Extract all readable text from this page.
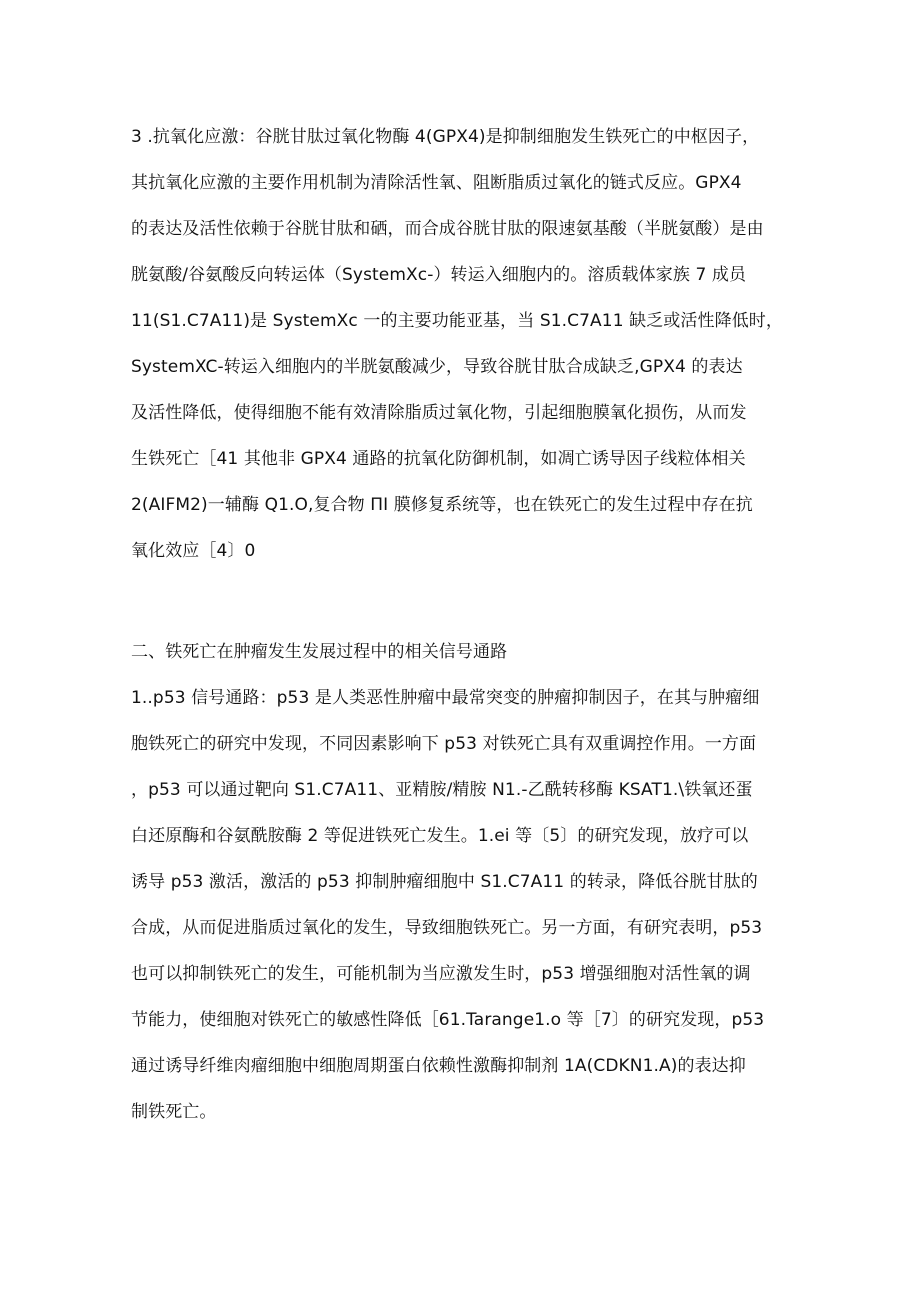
3 .抗氧化应激：谷胱甘肽过氧化物酶 4(GPX4)是抑制细胞发生铁死亡的中枢因子，
其抗氧化应激的主要作用机制为清除活性氧、阻断脂质过氧化的链式反应。GPX4
的表达及活性依赖于谷胱甘肽和硒，而合成谷胱甘肽的限速氨基酸（半胱氨酸）是由
胱氨酸/谷氨酸反向转运体（SystemXc-）转运入细胞内的。溶质载体家族 7 成员
11(S1.C7A11)是 SystemXc 一的主要功能亚基，当 S1.C7A11 缺乏或活性降低时，
SystemXC-转运入细胞内的半胱氨酸减少，导致谷胱甘肽合成缺乏,GPX4 的表达
及活性降低，使得细胞不能有效清除脂质过氧化物，引起细胞膜氧化损伤，从而发
生铁死亡［41 其他非 GPX4 通路的抗氧化防御机制，如凋亡诱导因子线粒体相关
2(AIFM2)一辅酶 Q1.O,复合物 ΠI 膜修复系统等，也在铁死亡的发生过程中存在抗
氧化效应［4〕0
二、铁死亡在肿瘤发生发展过程中的相关信号通路
1..p53 信号通路：p53 是人类恶性肿瘤中最常突变的肿瘤抑制因子，在其与肿瘤细
胞铁死亡的研究中发现，不同因素影响下 p53 对铁死亡具有双重调控作用。一方面
，p53 可以通过靶向 S1.C7A11、亚精胺/精胺 N1.-乙酰转移酶 KSAT1.\铁氧还蛋
白还原酶和谷氨酰胺酶 2 等促进铁死亡发生。1.ei 等〔5〕的研究发现，放疗可以
诱导 p53 激活，激活的 p53 抑制肿瘤细胞中 S1.C7A11 的转录，降低谷胱甘肽的
合成，从而促进脂质过氧化的发生，导致细胞铁死亡。另一方面，有研究表明，p53
也可以抑制铁死亡的发生，可能机制为当应激发生时，p53 增强细胞对活性氧的调
节能力，使细胞对铁死亡的敏感性降低［61.Tarange1.o 等［7〕的研究发现，p53
通过诱导纤维肉瘤细胞中细胞周期蛋白依赖性激酶抑制剂 1A(CDKN1.A)的表达抑
制铁死亡。
